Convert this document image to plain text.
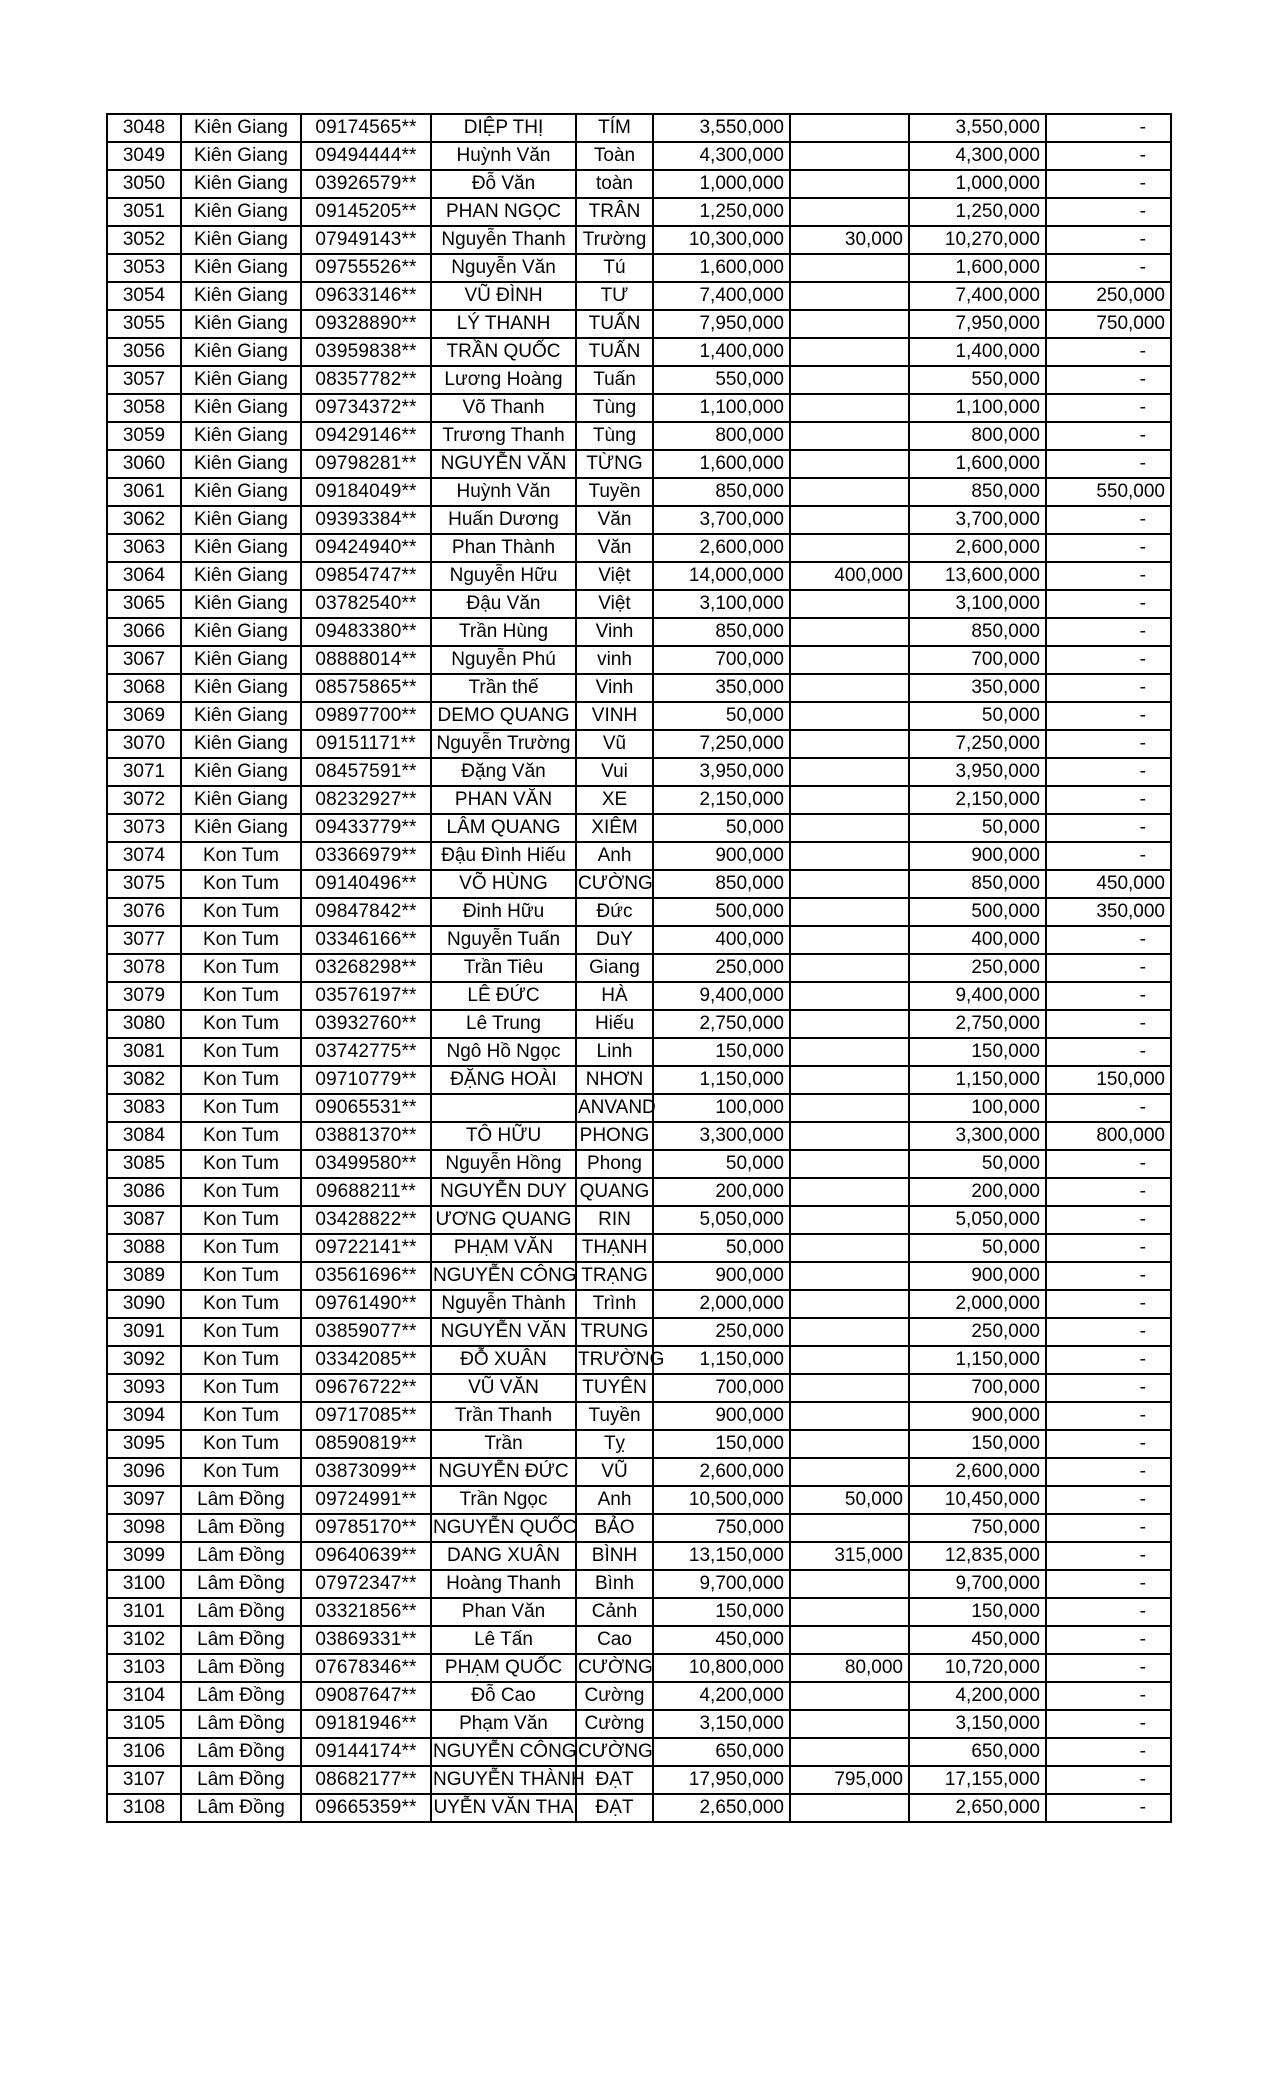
3048	Kiên Giang	09174565**	DIỆP THỊ	TÍM	3,550,000		3,550,000	-
3049	Kiên Giang	09494444**	Huỳnh Văn	Toàn	4,300,000		4,300,000	-
3050	Kiên Giang	03926579**	Đỗ Văn	toàn	1,000,000		1,000,000	-
3051	Kiên Giang	09145205**	PHAN NGỌC	TRÂN	1,250,000		1,250,000	-
3052	Kiên Giang	07949143**	Nguyễn Thanh	Trường	10,300,000	30,000	10,270,000	-
3053	Kiên Giang	09755526**	Nguyễn Văn	Tú	1,600,000		1,600,000	-
3054	Kiên Giang	09633146**	VŨ ĐÌNH	TƯ	7,400,000		7,400,000	250,000
3055	Kiên Giang	09328890**	LÝ THANH	TUẤN	7,950,000		7,950,000	750,000
3056	Kiên Giang	03959838**	TRẦN QUỐC	TUẤN	1,400,000		1,400,000	-
3057	Kiên Giang	08357782**	Lương Hoàng	Tuấn	550,000		550,000	-
3058	Kiên Giang	09734372**	Võ Thanh	Tùng	1,100,000		1,100,000	-
3059	Kiên Giang	09429146**	Trương Thanh	Tùng	800,000		800,000	-
3060	Kiên Giang	09798281**	NGUYỄN VĂN	TỪNG	1,600,000		1,600,000	-
3061	Kiên Giang	09184049**	Huỳnh Văn	Tuyền	850,000		850,000	550,000
3062	Kiên Giang	09393384**	Huấn Dương	Văn	3,700,000		3,700,000	-
3063	Kiên Giang	09424940**	Phan Thành	Văn	2,600,000		2,600,000	-
3064	Kiên Giang	09854747**	Nguyễn Hữu	Việt	14,000,000	400,000	13,600,000	-
3065	Kiên Giang	03782540**	Đậu Văn	Việt	3,100,000		3,100,000	-
3066	Kiên Giang	09483380**	Trần Hùng	Vinh	850,000		850,000	-
3067	Kiên Giang	08888014**	Nguyễn Phú	vinh	700,000		700,000	-
3068	Kiên Giang	08575865**	Trần thế	Vinh	350,000		350,000	-
3069	Kiên Giang	09897700**	DEMO QUANG	VINH	50,000		50,000	-
3070	Kiên Giang	09151171**	Nguyễn Trường	Vũ	7,250,000		7,250,000	-
3071	Kiên Giang	08457591**	Đặng Văn	Vui	3,950,000		3,950,000	-
3072	Kiên Giang	08232927**	PHAN VĂN	XE	2,150,000		2,150,000	-
3073	Kiên Giang	09433779**	LÂM QUANG	XIÊM	50,000		50,000	-
3074	Kon Tum	03366979**	Đậu Đình Hiếu	Anh	900,000		900,000	-
3075	Kon Tum	09140496**	VÕ HÙNG	CƯỜNG	850,000		850,000	450,000
3076	Kon Tum	09847842**	Đinh Hữu	Đức	500,000		500,000	350,000
3077	Kon Tum	03346166**	Nguyễn Tuấn	DuY	400,000		400,000	-
3078	Kon Tum	03268298**	Trần Tiêu	Giang	250,000		250,000	-
3079	Kon Tum	03576197**	LÊ ĐỨC	HÀ	9,400,000		9,400,000	-
3080	Kon Tum	03932760**	Lê Trung	Hiếu	2,750,000		2,750,000	-
3081	Kon Tum	03742775**	Ngô Hồ Ngọc	Linh	150,000		150,000	-
3082	Kon Tum	09710779**	ĐẶNG HOÀI	NHƠN	1,150,000		1,150,000	150,000
3083	Kon Tum	09065531**		ANVAND	100,000		100,000	-
3084	Kon Tum	03881370**	TÔ HỮU	PHONG	3,300,000		3,300,000	800,000
3085	Kon Tum	03499580**	Nguyễn Hồng	Phong	50,000		50,000	-
3086	Kon Tum	09688211**	NGUYỄN DUY	QUANG	200,000		200,000	-
3087	Kon Tum	03428822**	ƯƠNG QUANG	RIN	5,050,000		5,050,000	-
3088	Kon Tum	09722141**	PHẠM VĂN	THẠNH	50,000		50,000	-
3089	Kon Tum	03561696**	NGUYỄN CÔNG	TRẠNG	900,000		900,000	-
3090	Kon Tum	09761490**	Nguyễn Thành	Trình	2,000,000		2,000,000	-
3091	Kon Tum	03859077**	NGUYỄN VĂN	TRUNG	250,000		250,000	-
3092	Kon Tum	03342085**	ĐỖ XUÂN	TRƯỜNG	1,150,000		1,150,000	-
3093	Kon Tum	09676722**	VŨ VĂN	TUYÊN	700,000		700,000	-
3094	Kon Tum	09717085**	Trần Thanh	Tuyền	900,000		900,000	-
3095	Kon Tum	08590819**	Trần	Tỵ	150,000		150,000	-
3096	Kon Tum	03873099**	NGUYỄN ĐỨC	VŨ	2,600,000		2,600,000	-
3097	Lâm Đồng	09724991**	Trần Ngọc	Anh	10,500,000	50,000	10,450,000	-
3098	Lâm Đồng	09785170**	NGUYỄN QUỐC	BẢO	750,000		750,000	-
3099	Lâm Đồng	09640639**	DANG XUÂN	BÌNH	13,150,000	315,000	12,835,000	-
3100	Lâm Đồng	07972347**	Hoàng Thanh	Bình	9,700,000		9,700,000	-
3101	Lâm Đồng	03321856**	Phan Văn	Cảnh	150,000		150,000	-
3102	Lâm Đồng	03869331**	Lê Tấn	Cao	450,000		450,000	-
3103	Lâm Đồng	07678346**	PHẠM QUỐC	CƯỜNG	10,800,000	80,000	10,720,000	-
3104	Lâm Đồng	09087647**	Đỗ Cao	Cường	4,200,000		4,200,000	-
3105	Lâm Đồng	09181946**	Phạm Văn	Cường	3,150,000		3,150,000	-
3106	Lâm Đồng	09144174**	NGUYỄN CÔNG	CƯỜNG	650,000		650,000	-
3107	Lâm Đồng	08682177**	NGUYỄN THÀNH	ĐẠT	17,950,000	795,000	17,155,000	-
3108	Lâm Đồng	09665359**	UYỄN VĂN THA	ĐẠT	2,650,000		2,650,000	-
